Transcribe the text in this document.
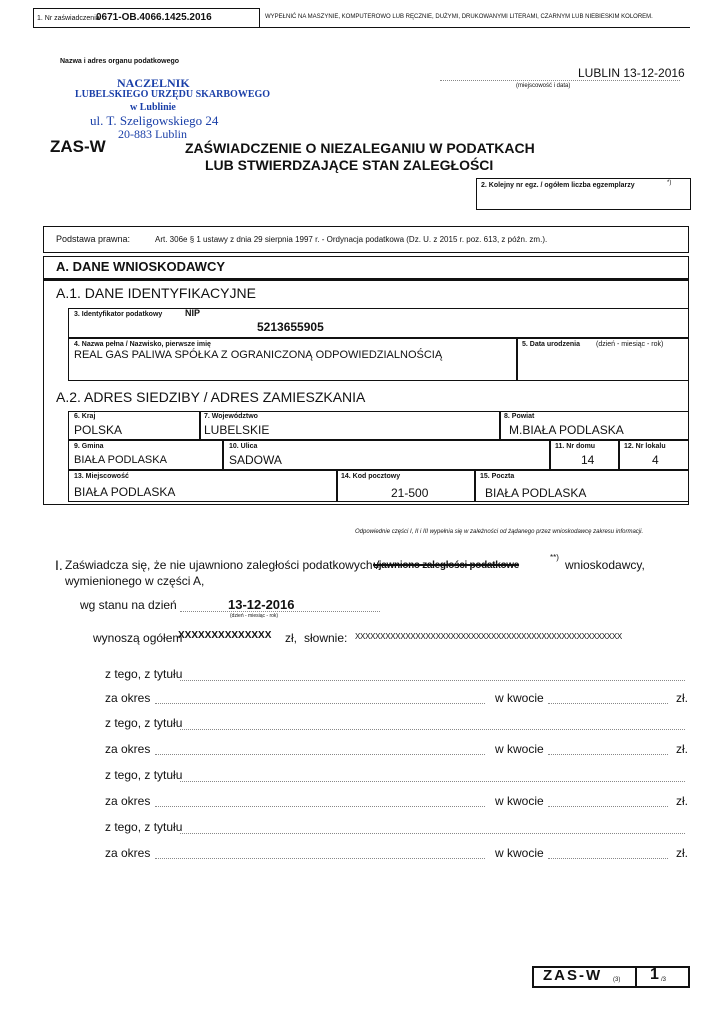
1. Nr zaświadczenia
0671-OB.4066.1425.2016	WYPEŁNIĆ NA MASZYNIE, KOMPUTEROWO LUB RĘCZNIE, DUŻYMI, DRUKOWANYMI LITERAMI, CZARNYM LUB NIEBIESKIM KOLOREM.
Nazwa i adres organu podatkowego
NACZELNIK
LUBELSKIEGO URZĘDU SKARBOWEGO
w Lublinie
ul. T. Szeligowskiego 24
20-883 Lublin
LUBLIN 13-12-2016
(miejscowość i data)
ZAS-W	ZAŚWIADCZENIE O NIEZALEGANIU W PODATKACH
LUB STWIERDZAJĄCE STAN ZALEGŁOŚCI
2. Kolejny nr egz. / ogółem liczba egzemplarzy	*)
Podstawa prawna:	Art. 306e § 1 ustawy z dnia 29 sierpnia 1997 r. - Ordynacja podatkowa (Dz. U. z 2015 r. poz. 613, z późn. zm.).
A. DANE WNIOSKODAWCY
A.1. DANE IDENTYFIKACYJNE
3. Identyfikator podatkowy	NIP
5213655905
4. Nazwa pełna / Nazwisko, pierwsze imię
REAL GAS PALIWA SPÓŁKA Z OGRANICZONĄ ODPOWIEDZIALNOŚCIĄ
5. Data urodzenia (dzień - miesiąc - rok)
A.2. ADRES SIEDZIBY / ADRES ZAMIESZKANIA
6. Kraj
POLSKA
7. Województwo
LUBELSKIE
8. Powiat
M.BIAŁA PODLASKA
9. Gmina
BIAŁA PODLASKA
10. Ulica
SADOWA
11. Nr domu
14
12. Nr lokalu
4
13. Miejscowość
BIAŁA PODLASKA
14. Kod pocztowy
21-500
15. Poczta
BIAŁA PODLASKA
Odpowiednie części I, II i III wypełnia się w zależności od żądanego przez wnioskodawcę zakresu informacji.
I. Zaświadcza się, że nie ujawniono zaległości podatkowych /
ujawniono zaległości podatkowe
**)
wnioskodawcy,
wymienionego w części A,
wg stanu na dzień	13-12-2016
(dzień - miesiąc - rok)
wynoszą ogółem
XXXXXXXXXXXXXX zł, słownie: XXXXXXXXXXXXXXXXXXXXXXXXXXXXXXXXXXXXXXXXXXXXXXXXXXXXX
z tego, z tytułu
za okres	w kwocie	zł.
z tego, z tytułu
za okres	w kwocie	zł.
z tego, z tytułu
za okres	w kwocie	zł.
z tego, z tytułu
za okres	w kwocie	zł.
ZAS-W (3) 1 /3
